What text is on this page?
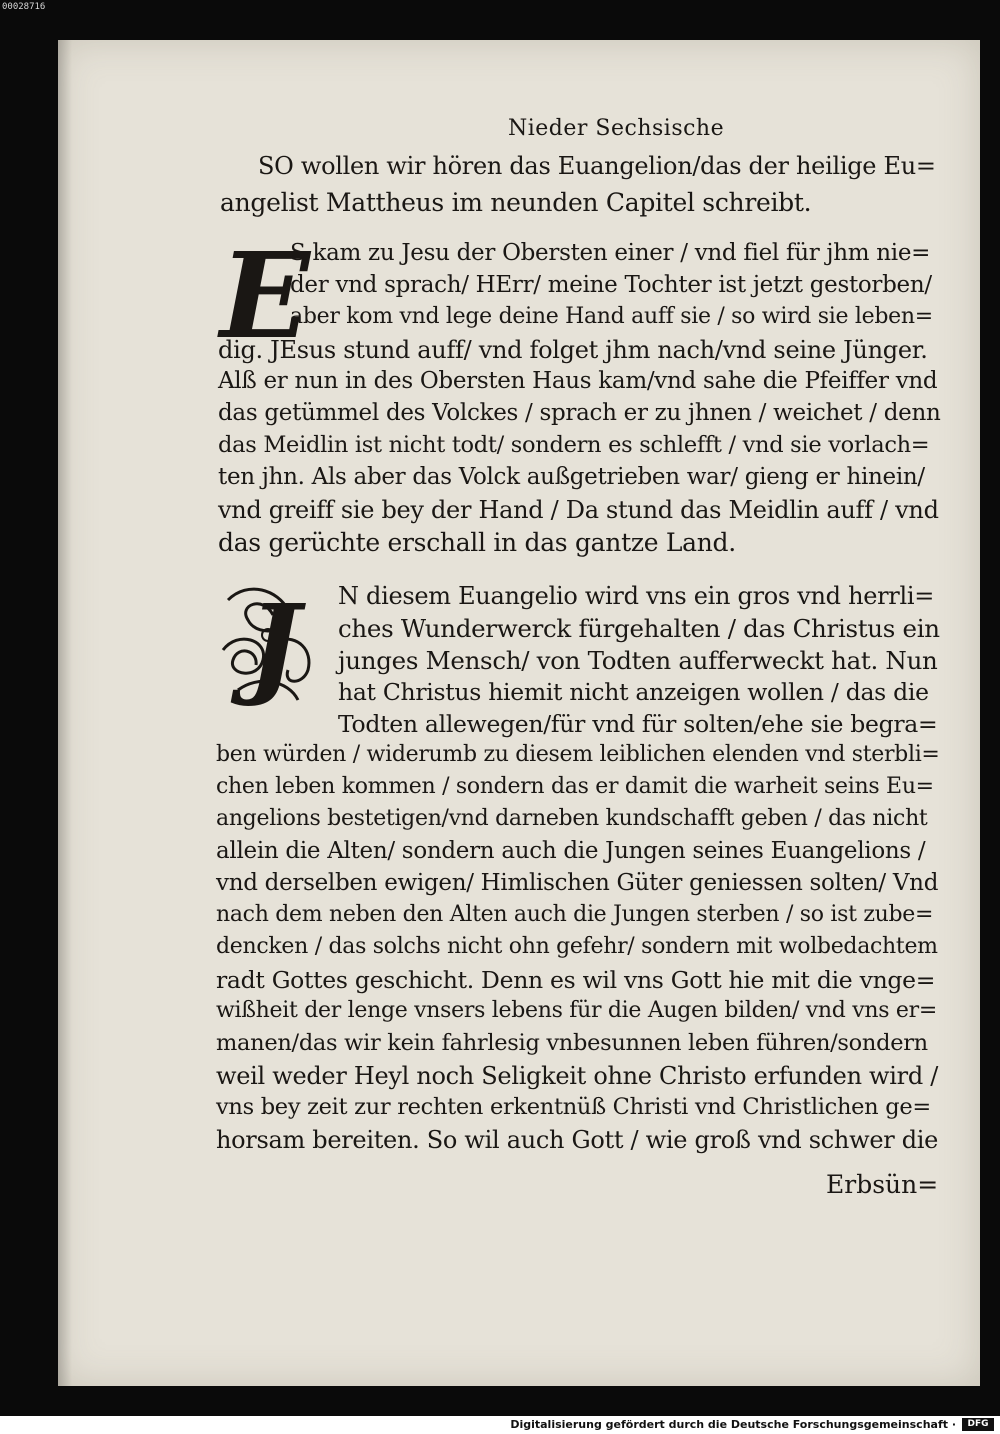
00028716
Nieder Sechsische
SO wollen wir hören das Euangelion/das der heilige Eu=
angelist Mattheus im neunden Capitel schreibt.
E
S kam zu Jesu der Obersten einer / vnd fiel für jhm nie=
der vnd sprach/ HErr/ meine Tochter ist jetzt gestorben/
aber kom vnd lege deine Hand auff sie / so wird sie leben=
dig. JEsus stund auff/ vnd folget jhm nach/vnd seine Jünger.
Alß er nun in des Obersten Haus kam/vnd sahe die Pfeiffer vnd
das getümmel des Volckes / sprach er zu jhnen / weichet / denn
das Meidlin ist nicht todt/ sondern es schlefft / vnd sie vorlach=
ten jhn. Als aber das Volck außgetrieben war/ gieng er hinein/
vnd greiff sie bey der Hand / Da stund das Meidlin auff / vnd
das gerüchte erschall in das gantze Land.
J N diesem Euangelio wird vns ein gros vnd herrli=
ches Wunderwerck fürgehalten / das Christus ein
junges Mensch/ von Todten aufferweckt hat. Nun
hat Christus hiemit nicht anzeigen wollen / das die
Todten allewegen/für vnd für solten/ehe sie begra=
ben würden / widerumb zu diesem leiblichen elenden vnd sterbli=
chen leben kommen / sondern das er damit die warheit seins Eu=
angelions bestetigen/vnd darneben kundschafft geben / das nicht
allein die Alten/ sondern auch die Jungen seines Euangelions /
vnd derselben ewigen/ Himlischen Güter geniessen solten/ Vnd
nach dem neben den Alten auch die Jungen sterben / so ist zube=
dencken / das solchs nicht ohn gefehr/ sondern mit wolbedachtem
radt Gottes geschicht. Denn es wil vns Gott hie mit die vnge=
wißheit der lenge vnsers lebens für die Augen bilden/ vnd vns er=
manen/das wir kein fahrlesig vnbesunnen leben führen/sondern
weil weder Heyl noch Seligkeit ohne Christo erfunden wird /
vns bey zeit zur rechten erkentnüß Christi vnd Christlichen ge=
horsam bereiten. So wil auch Gott / wie groß vnd schwer die
Erbsün=
Digitalisierung gefördert durch die Deutsche Forschungsgemeinschaft ·	DFG
